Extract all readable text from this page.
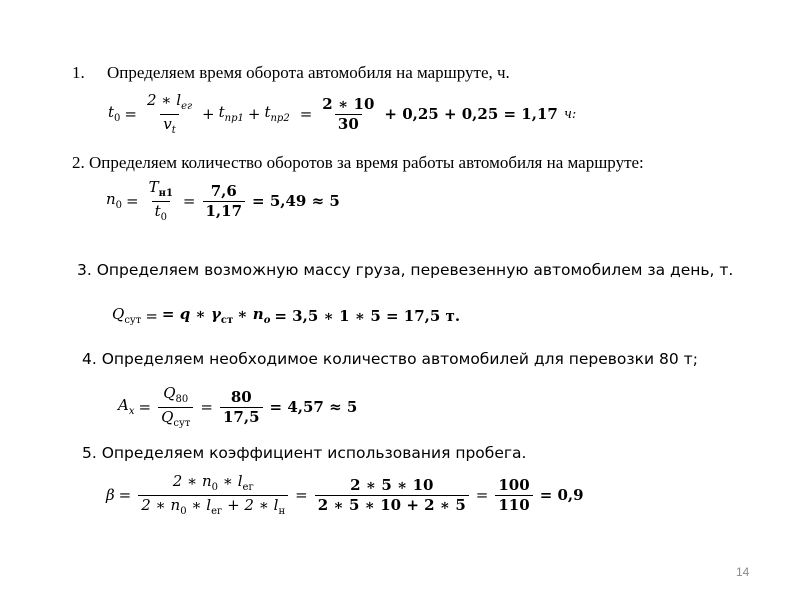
1. Определяем время оборота автомобиля на маршруте, ч.
$t_0 = \frac{2 ∗ l_{ег}}{v_t} + t_{пр1} + t_{пр2} = \frac{2 ∗ 10}{30} + 0,25 + 0,25 = 1,17$ ч:
2. Определяем количество оборотов за время работы автомобиля на маршруте:
$n_0 = \frac{T_{н1}}{t_0} = \frac{7,6}{1,17} = 5,49 \approx 5$
3. Определяем возможную массу груза, перевезенную автомобилем за день, т.
$Q_{сут}$ = = q ∗ $\gamma_{ст}$ ∗ $n_o = 3,5$ ∗ 1 ∗ 5 = 17,5 т.
4. Определяем необходимое количество автомобилей для перевозки 80 т;
$A_x = \frac{Q_{80}}{Q_{сут}} = \frac{80}{17,5} = 4,57 \approx 5$
5. Определяем коэффициент использования пробега.
$\beta = \frac{2 ∗ n_0 ∗ l_{ег}}{2 ∗ n_0 ∗ l_{ег} + 2 ∗ l_н} = \frac{2 ∗ 5 ∗ 10}{2 ∗ 5 ∗ 10 + 2 ∗ 5} = \frac{100}{110} = 0,9$
14
